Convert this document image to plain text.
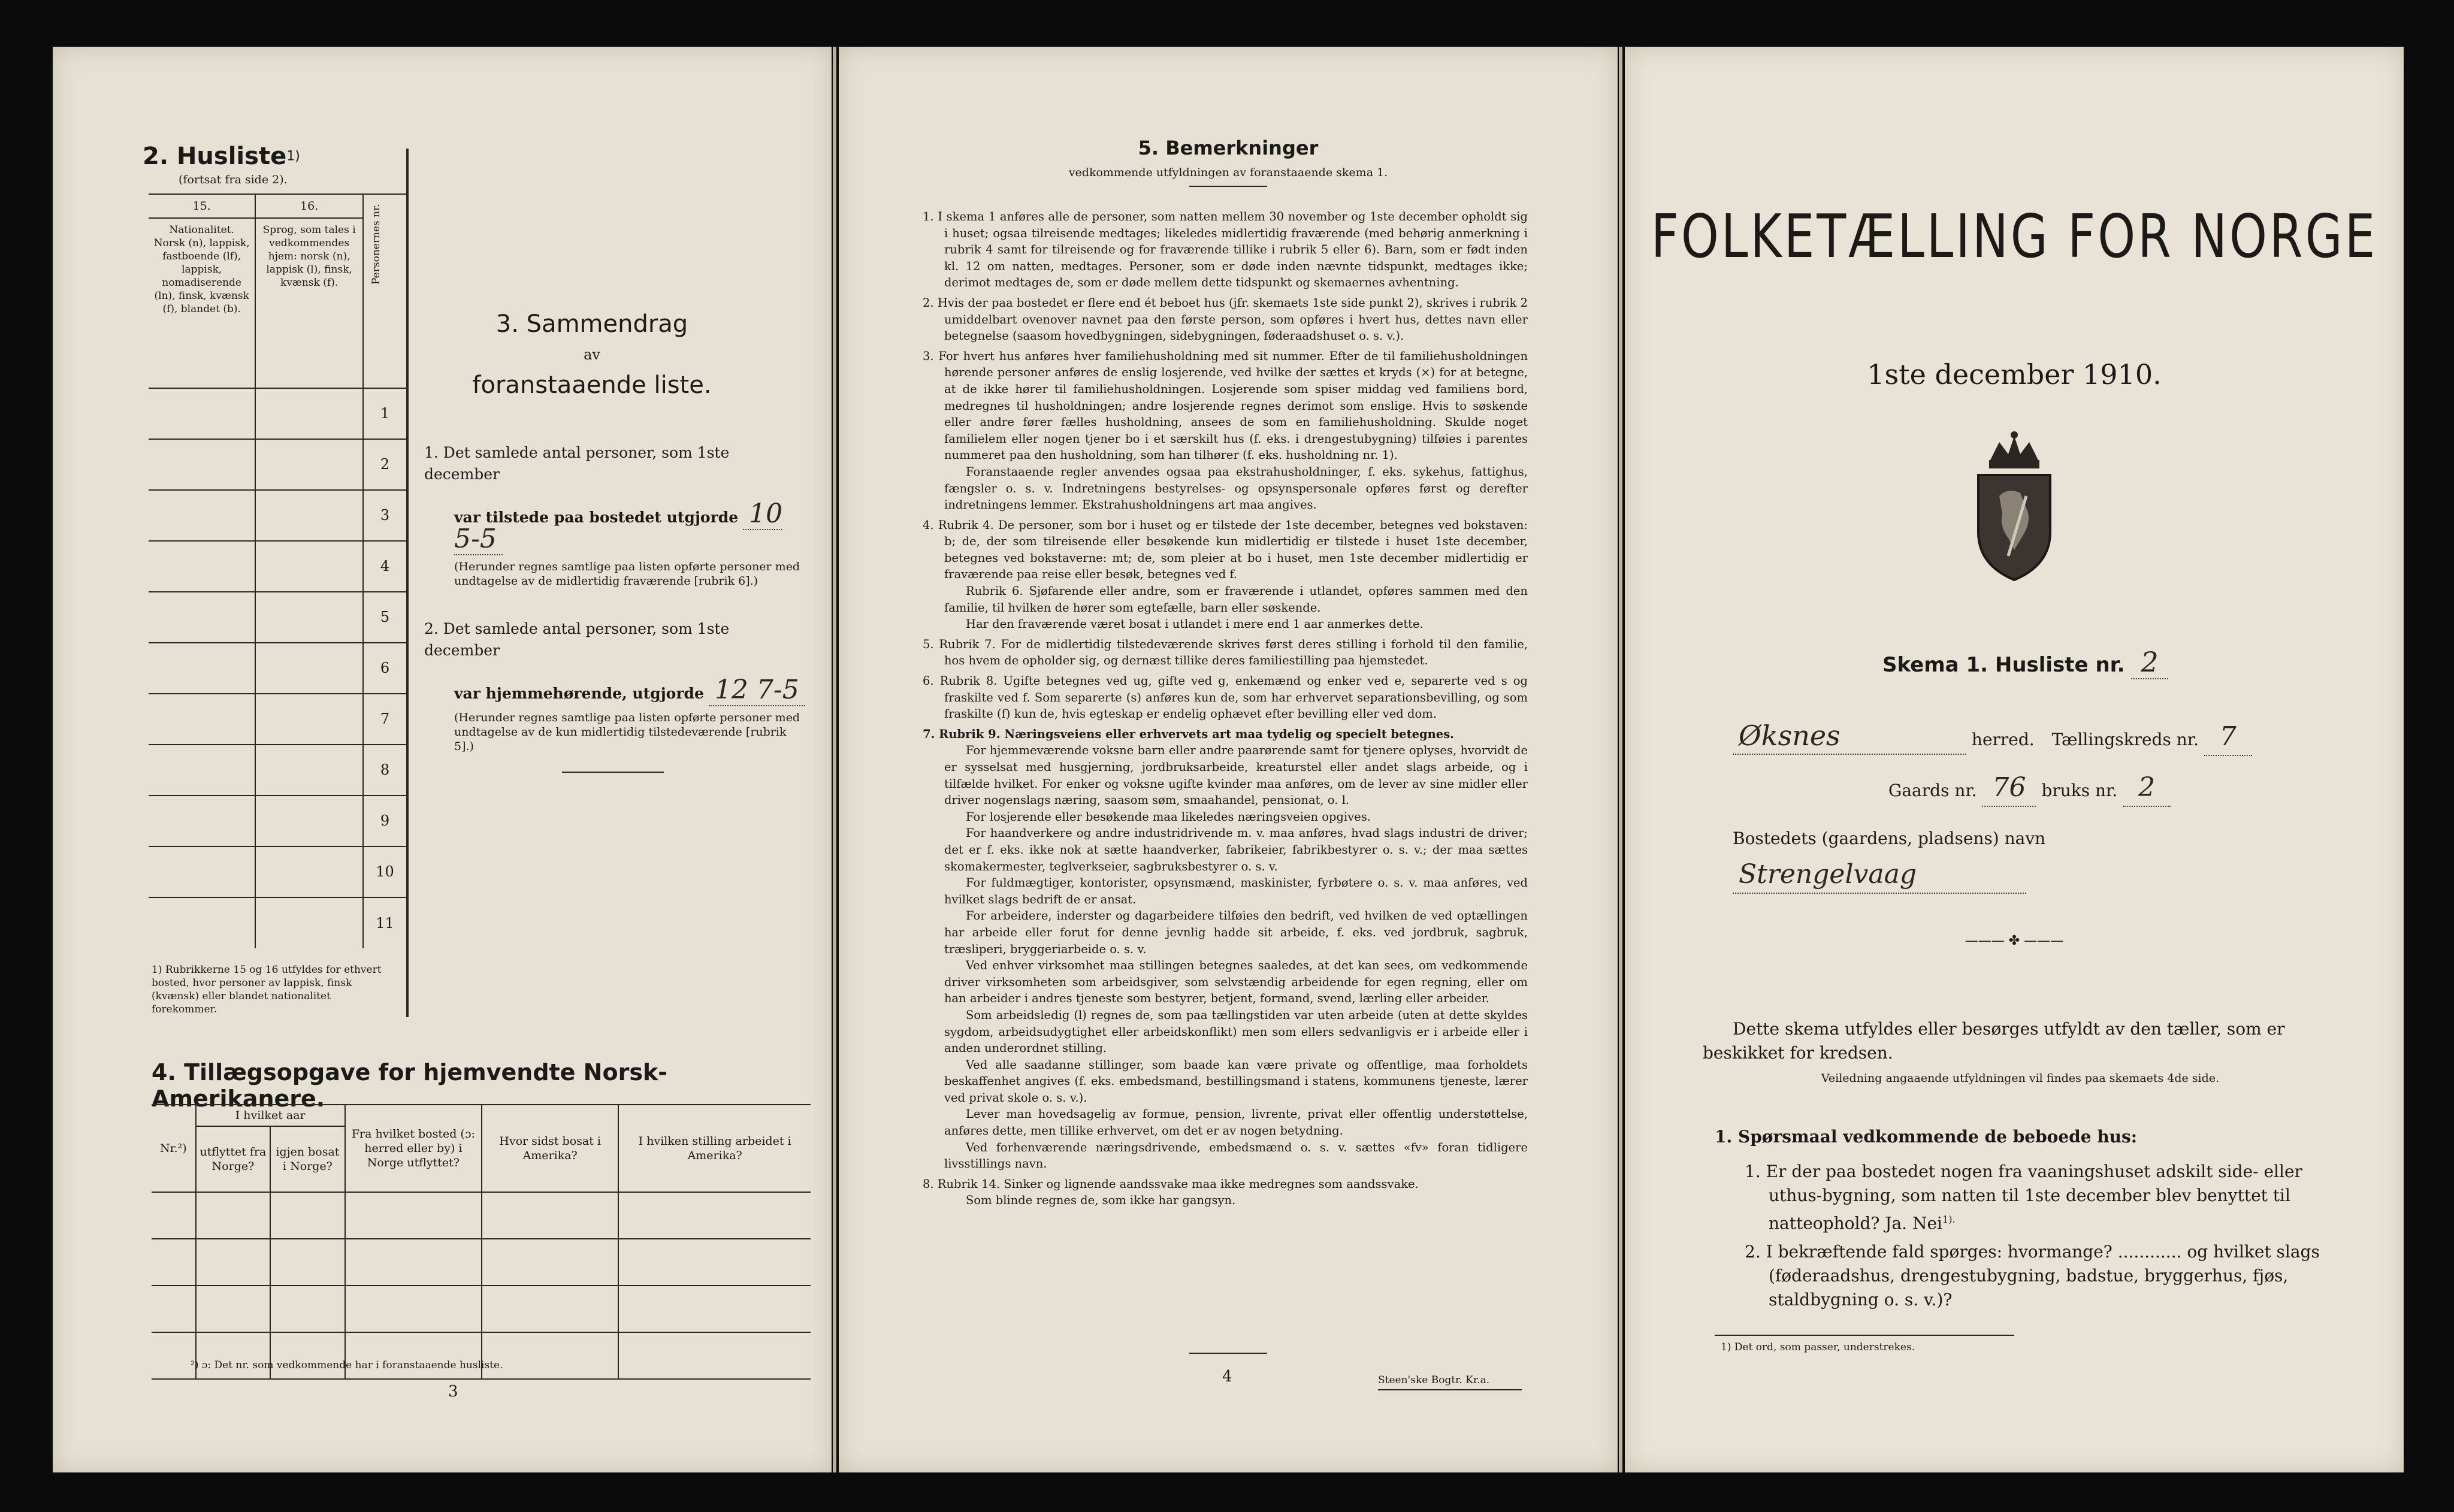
2. Husliste$^{1)}$
(fortsat fra side 2).
15.	16.	Personernes nr.

Nationalitet. Norsk (n), lappisk, fastboende (lf), lappisk, nomadiserende (ln), finsk, kvænsk (f), blandet (b).	Sprog, som tales i vedkommendes hjem: norsk (n), lappisk (l), finsk, kvænsk (f).	
		1
		2
		3
		4
		5
		6
		7
		8
		9
		10
		11
1) Rubrikkerne 15 og 16 utfyldes for ethvert bosted, hvor personer av lappisk, finsk (kvænsk) eller blandet nationalitet forekommer.
3. Sammendrag
av
foranstaaende liste.
1. Det samlede antal personer, som 1ste december
var tilstede paa bostedet utgjorde 10 5-5
(Herunder regnes samtlige paa listen opførte personer med undtagelse av de midlertidig fraværende [rubrik 6].)
2. Det samlede antal personer, som 1ste december
var hjemmehørende, utgjorde 12 7-5
(Herunder regnes samtlige paa listen opførte personer med undtagelse av de kun midlertidig tilstedeværende [rubrik 5].)
4. Tillægsopgave for hjemvendte Norsk-Amerikanere.
Nr.²)	I hvilket aar		Fra hvilket bosted (ɔ: herred eller by) i Norge utflyttet?	Hvor sidst bosat i Amerika?	I hvilken stilling arbeidet i Amerika?
	utflyttet fra Norge?	igjen bosat i Norge?			

²) ɔ: Det nr. som vedkommende har i foranstaaende husliste.
3
5. Bemerkninger
vedkommende utfyldningen av foranstaaende skema 1.

1. I skema 1 anføres alle de personer, som natten mellem 30 november og 1ste december opholdt sig i huset; ogsaa tilreisende medtages; likeledes midlertidig fraværende (med behørig anmerkning i rubrik 4 samt for tilreisende og for fraværende tillike i rubrik 5 eller 6). Barn, som er født inden kl. 12 om natten, medtages. Personer, som er døde inden nævnte tidspunkt, medtages ikke; derimot medtages de, som er døde mellem dette tidspunkt og skemaernes avhentning.

2. Hvis der paa bostedet er flere end ét beboet hus (jfr. skemaets 1ste side punkt 2), skrives i rubrik 2 umiddelbart ovenover navnet paa den første person, som opføres i hvert hus, dettes navn eller betegnelse (saasom hovedbygningen, sidebygningen, føderaadshuset o. s. v.).

3. For hvert hus anføres hver familiehusholdning med sit nummer. Efter de til familiehusholdningen hørende personer anføres de enslig losjerende, ved hvilke der sættes et kryds (×) for at betegne, at de ikke hører til familiehusholdningen. Losjerende som spiser middag ved familiens bord, medregnes til husholdningen; andre losjerende regnes derimot som enslige. Hvis to søskende eller andre fører fælles husholdning, ansees de som en familiehusholdning. Skulde noget familielem eller nogen tjener bo i et særskilt hus (f. eks. i drengestubygning) tilføies i parentes nummeret paa den husholdning, som han tilhører (f. eks. husholdning nr. 1).

Foranstaaende regler anvendes ogsaa paa ekstrahusholdninger, f. eks. sykehus, fattighus, fængsler o. s. v. Indretningens bestyrelses- og opsynspersonale opføres først og derefter indretningens lemmer. Ekstrahusholdningens art maa angives.

4. Rubrik 4. De personer, som bor i huset og er tilstede der 1ste december, betegnes ved bokstaven: b; de, der som tilreisende eller besøkende kun midlertidig er tilstede i huset 1ste december, betegnes ved bokstaverne: mt; de, som pleier at bo i huset, men 1ste december midlertidig er fraværende paa reise eller besøk, betegnes ved f.

Rubrik 6. Sjøfarende eller andre, som er fraværende i utlandet, opføres sammen med den familie, til hvilken de hører som egtefælle, barn eller søskende.

Har den fraværende været bosat i utlandet i mere end 1 aar anmerkes dette.

5. Rubrik 7. For de midlertidig tilstedeværende skrives først deres stilling i forhold til den familie, hos hvem de opholder sig, og dernæst tillike deres familiestilling paa hjemstedet.

6. Rubrik 8. Ugifte betegnes ved ug, gifte ved g, enkemænd og enker ved e, separerte ved s og fraskilte ved f. Som separerte (s) anføres kun de, som har erhvervet separationsbevilling, og som fraskilte (f) kun de, hvis egteskap er endelig ophævet efter bevilling eller ved dom.

7. Rubrik 9. Næringsveiens eller erhvervets art maa tydelig og specielt betegnes.

For hjemmeværende voksne barn eller andre paarørende samt for tjenere oplyses, hvorvidt de er sysselsat med husgjerning, jordbruksarbeide, kreaturstel eller andet slags arbeide, og i tilfælde hvilket. For enker og voksne ugifte kvinder maa anføres, om de lever av sine midler eller driver nogenslags næring, saasom søm, smaahandel, pensionat, o. l.

For losjerende eller besøkende maa likeledes næringsveien opgives.

For haandverkere og andre industridrivende m. v. maa anføres, hvad slags industri de driver; det er f. eks. ikke nok at sætte haandverker, fabrikeier, fabrikbestyrer o. s. v.; der maa sættes skomakermester, teglverkseier, sagbruksbestyrer o. s. v.

For fuldmægtiger, kontorister, opsynsmænd, maskinister, fyrbøtere o. s. v. maa anføres, ved hvilket slags bedrift de er ansat.

For arbeidere, inderster og dagarbeidere tilføies den bedrift, ved hvilken de ved optællingen har arbeide eller forut for denne jevnlig hadde sit arbeide, f. eks. ved jordbruk, sagbruk, træsliperi, bryggeriarbeide o. s. v.

Ved enhver virksomhet maa stillingen betegnes saaledes, at det kan sees, om vedkommende driver virksomheten som arbeidsgiver, som selvstændig arbeidende for egen regning, eller om han arbeider i andres tjeneste som bestyrer, betjent, formand, svend, lærling eller arbeider.

Som arbeidsledig (l) regnes de, som paa tællingstiden var uten arbeide (uten at dette skyldes sygdom, arbeidsudygtighet eller arbeidskonflikt) men som ellers sedvanligvis er i arbeide eller i anden underordnet stilling.

Ved alle saadanne stillinger, som baade kan være private og offentlige, maa forholdets beskaffenhet angives (f. eks. embedsmand, bestillingsmand i statens, kommunens tjeneste, lærer ved privat skole o. s. v.).

Lever man hovedsagelig av formue, pension, livrente, privat eller offentlig understøttelse, anføres dette, men tillike erhvervet, om det er av nogen betydning.

Ved forhenværende næringsdrivende, embedsmænd o. s. v. sættes «fv» foran tidligere livsstillings navn.

8. Rubrik 14. Sinker og lignende aandssvake maa ikke medregnes som aandssvake.

Som blinde regnes de, som ikke har gangsyn.

4	Steen'ske Bogtr. Kr.a.
FOLKETÆLLING FOR NORGE
1ste december 1910.
Skema 1. Husliste nr. 2
Øksnes	herred. Tællingskreds nr. 7
Gaards nr. 76 bruks nr. 2
Bostedets (gaardens, pladsens) navn Strengelvaag
——— ✤ ———
Dette skema utfyldes eller besørges utfyldt av den tæller, som er beskikket for kredsen.
Veiledning angaaende utfyldningen vil findes paa skemaets 4de side.
1. Spørsmaal vedkommende de beboede hus:
1. Er der paa bostedet nogen fra vaaningshuset adskilt side- eller uthus-bygning, som natten til 1ste december blev benyttet til natteophold? Ja. Nei$^{1).}$
2. I bekræftende fald spørges: hvormange? ............ og hvilket slags (føderaadshus, drengestubygning, badstue, bryggerhus, fjøs, staldbygning o. s. v.)?
1) Det ord, som passer, understrekes.
